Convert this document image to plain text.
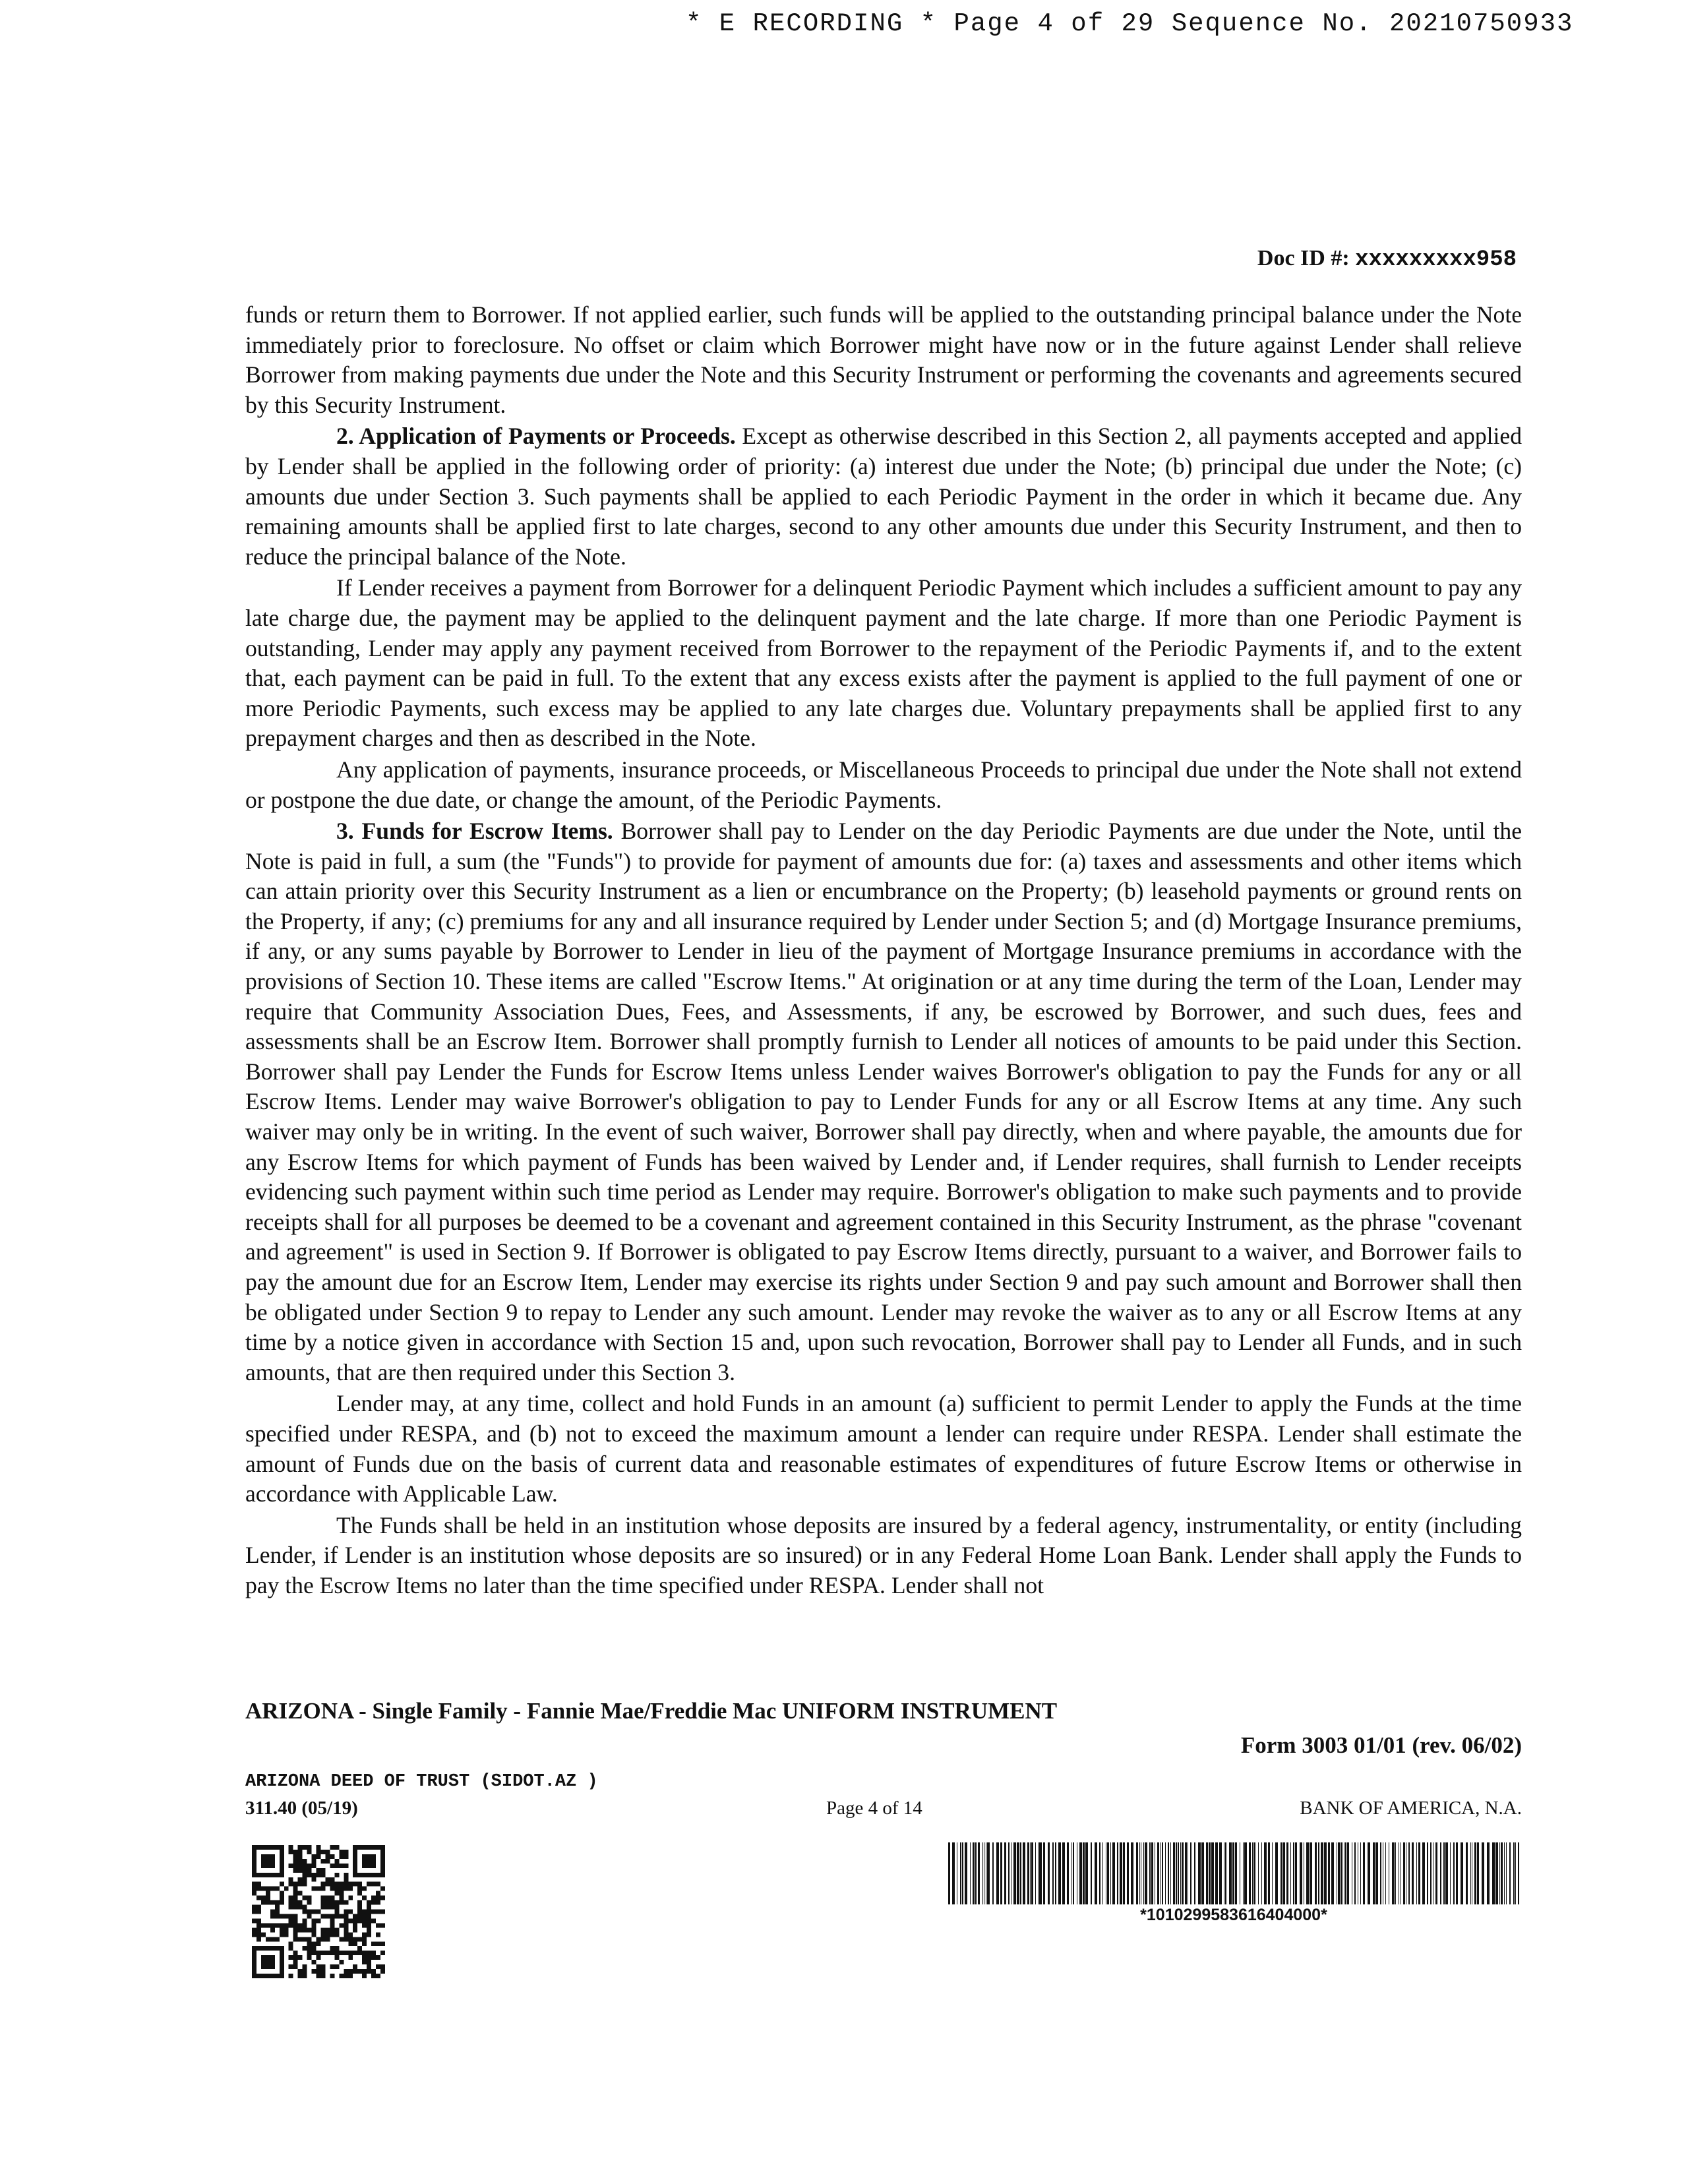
* E RECORDING * Page 4 of 29 Sequence No. 20210750933
Doc ID #: xxxxxxxxx958

funds or return them to Borrower. If not applied earlier, such funds will be applied to the outstanding principal balance under the Note immediately prior to foreclosure. No offset or claim which Borrower might have now or in the future against Lender shall relieve Borrower from making payments due under the Note and this Security Instrument or performing the covenants and agreements secured by this Security Instrument.

2. Application of Payments or Proceeds. Except as otherwise described in this Section 2, all payments accepted and applied by Lender shall be applied in the following order of priority: (a) interest due under the Note; (b) principal due under the Note; (c) amounts due under Section 3. Such payments shall be applied to each Periodic Payment in the order in which it became due. Any remaining amounts shall be applied first to late charges, second to any other amounts due under this Security Instrument, and then to reduce the principal balance of the Note.

If Lender receives a payment from Borrower for a delinquent Periodic Payment which includes a sufficient amount to pay any late charge due, the payment may be applied to the delinquent payment and the late charge. If more than one Periodic Payment is outstanding, Lender may apply any payment received from Borrower to the repayment of the Periodic Payments if, and to the extent that, each payment can be paid in full. To the extent that any excess exists after the payment is applied to the full payment of one or more Periodic Payments, such excess may be applied to any late charges due. Voluntary prepayments shall be applied first to any prepayment charges and then as described in the Note.

Any application of payments, insurance proceeds, or Miscellaneous Proceeds to principal due under the Note shall not extend or postpone the due date, or change the amount, of the Periodic Payments.

3. Funds for Escrow Items. Borrower shall pay to Lender on the day Periodic Payments are due under the Note, until the Note is paid in full, a sum (the "Funds") to provide for payment of amounts due for: (a) taxes and assessments and other items which can attain priority over this Security Instrument as a lien or encumbrance on the Property; (b) leasehold payments or ground rents on the Property, if any; (c) premiums for any and all insurance required by Lender under Section 5; and (d) Mortgage Insurance premiums, if any, or any sums payable by Borrower to Lender in lieu of the payment of Mortgage Insurance premiums in accordance with the provisions of Section 10. These items are called "Escrow Items." At origination or at any time during the term of the Loan, Lender may require that Community Association Dues, Fees, and Assessments, if any, be escrowed by Borrower, and such dues, fees and assessments shall be an Escrow Item. Borrower shall promptly furnish to Lender all notices of amounts to be paid under this Section. Borrower shall pay Lender the Funds for Escrow Items unless Lender waives Borrower's obligation to pay the Funds for any or all Escrow Items. Lender may waive Borrower's obligation to pay to Lender Funds for any or all Escrow Items at any time. Any such waiver may only be in writing. In the event of such waiver, Borrower shall pay directly, when and where payable, the amounts due for any Escrow Items for which payment of Funds has been waived by Lender and, if Lender requires, shall furnish to Lender receipts evidencing such payment within such time period as Lender may require. Borrower's obligation to make such payments and to provide receipts shall for all purposes be deemed to be a covenant and agreement contained in this Security Instrument, as the phrase "covenant and agreement" is used in Section 9. If Borrower is obligated to pay Escrow Items directly, pursuant to a waiver, and Borrower fails to pay the amount due for an Escrow Item, Lender may exercise its rights under Section 9 and pay such amount and Borrower shall then be obligated under Section 9 to repay to Lender any such amount. Lender may revoke the waiver as to any or all Escrow Items at any time by a notice given in accordance with Section 15 and, upon such revocation, Borrower shall pay to Lender all Funds, and in such amounts, that are then required under this Section 3.

Lender may, at any time, collect and hold Funds in an amount (a) sufficient to permit Lender to apply the Funds at the time specified under RESPA, and (b) not to exceed the maximum amount a lender can require under RESPA. Lender shall estimate the amount of Funds due on the basis of current data and reasonable estimates of expenditures of future Escrow Items or otherwise in accordance with Applicable Law.

The Funds shall be held in an institution whose deposits are insured by a federal agency, instrumentality, or entity (including Lender, if Lender is an institution whose deposits are so insured) or in any Federal Home Loan Bank. Lender shall apply the Funds to pay the Escrow Items no later than the time specified under RESPA. Lender shall not

ARIZONA - Single Family - Fannie Mae/Freddie Mac UNIFORM INSTRUMENT
Form 3003 01/01 (rev. 06/02)
ARIZONA DEED OF TRUST (SIDOT.AZ )
311.40 (05/19)	Page 4 of 14	BANK OF AMERICA, N.A.
*1010299583616404000*
